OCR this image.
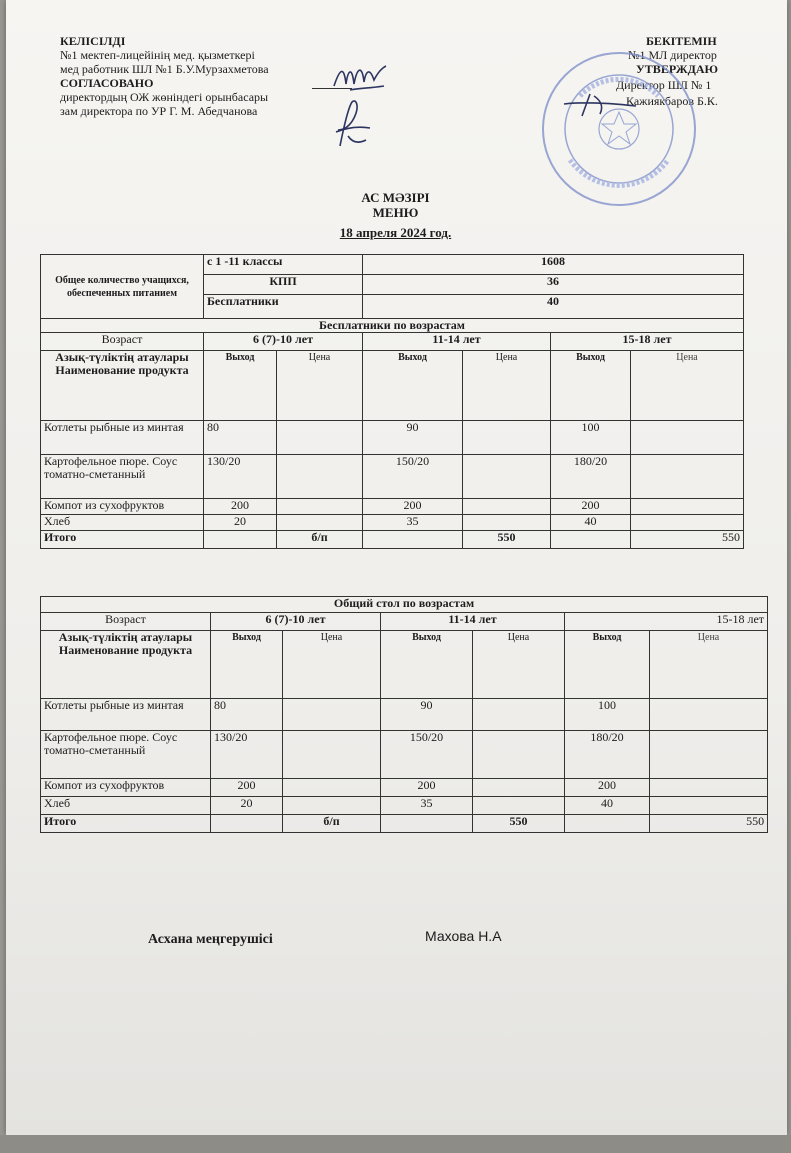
КЕЛІСІЛДІ
№1 мектеп-лицейінің мед. қызметкері
мед работник ШЛ №1 Б.У.Мурзахметова
СОГЛАСОВАНО
директордың ОЖ жөніндегі орынбасары
зам директора по УР Г. М. Абедчанова
БЕКІТЕМІН
№1 МЛ директор
УТВЕРЖДАЮ
Директор ШЛ № 1
Кажиякбаров Б.К.
АС МӘЗІРІ
МЕНЮ
18 апреля 2024 год.
Общее количество учащихся, обеспеченных питанием	с 1 -11 классы		1608			
	КПП		36			
	Бесплатники		40			
Бесплатники по возрастам						
Возраст	6 (7)-10 лет		11-14 лет		15-18 лет	
Азық-түліктің атаулары Наименование продукта	Выход	Цена	Выход	Цена	Выход	Цена
Котлеты рыбные из минтая	80		90		100	
Картофельное пюре. Соус томатно-сметанный	130/20		150/20		180/20	
Компот из сухофруктов	200		200		200	
Хлеб	20		35		40	
Итого		б/п		550		550
Общий стол по возрастам						
Возраст	6 (7)-10 лет		11-14 лет		15-18 лет	
Азық-түліктің атаулары Наименование продукта	Выход	Цена	Выход	Цена	Выход	Цена
Котлеты рыбные из минтая	80		90		100	
Картофельное пюре. Соус томатно-сметанный	130/20		150/20		180/20	
Компот из сухофруктов	200		200		200	
Хлеб	20		35		40	
Итого		б/п		550		550
Асхана меңгерушісі	Махова Н.А
